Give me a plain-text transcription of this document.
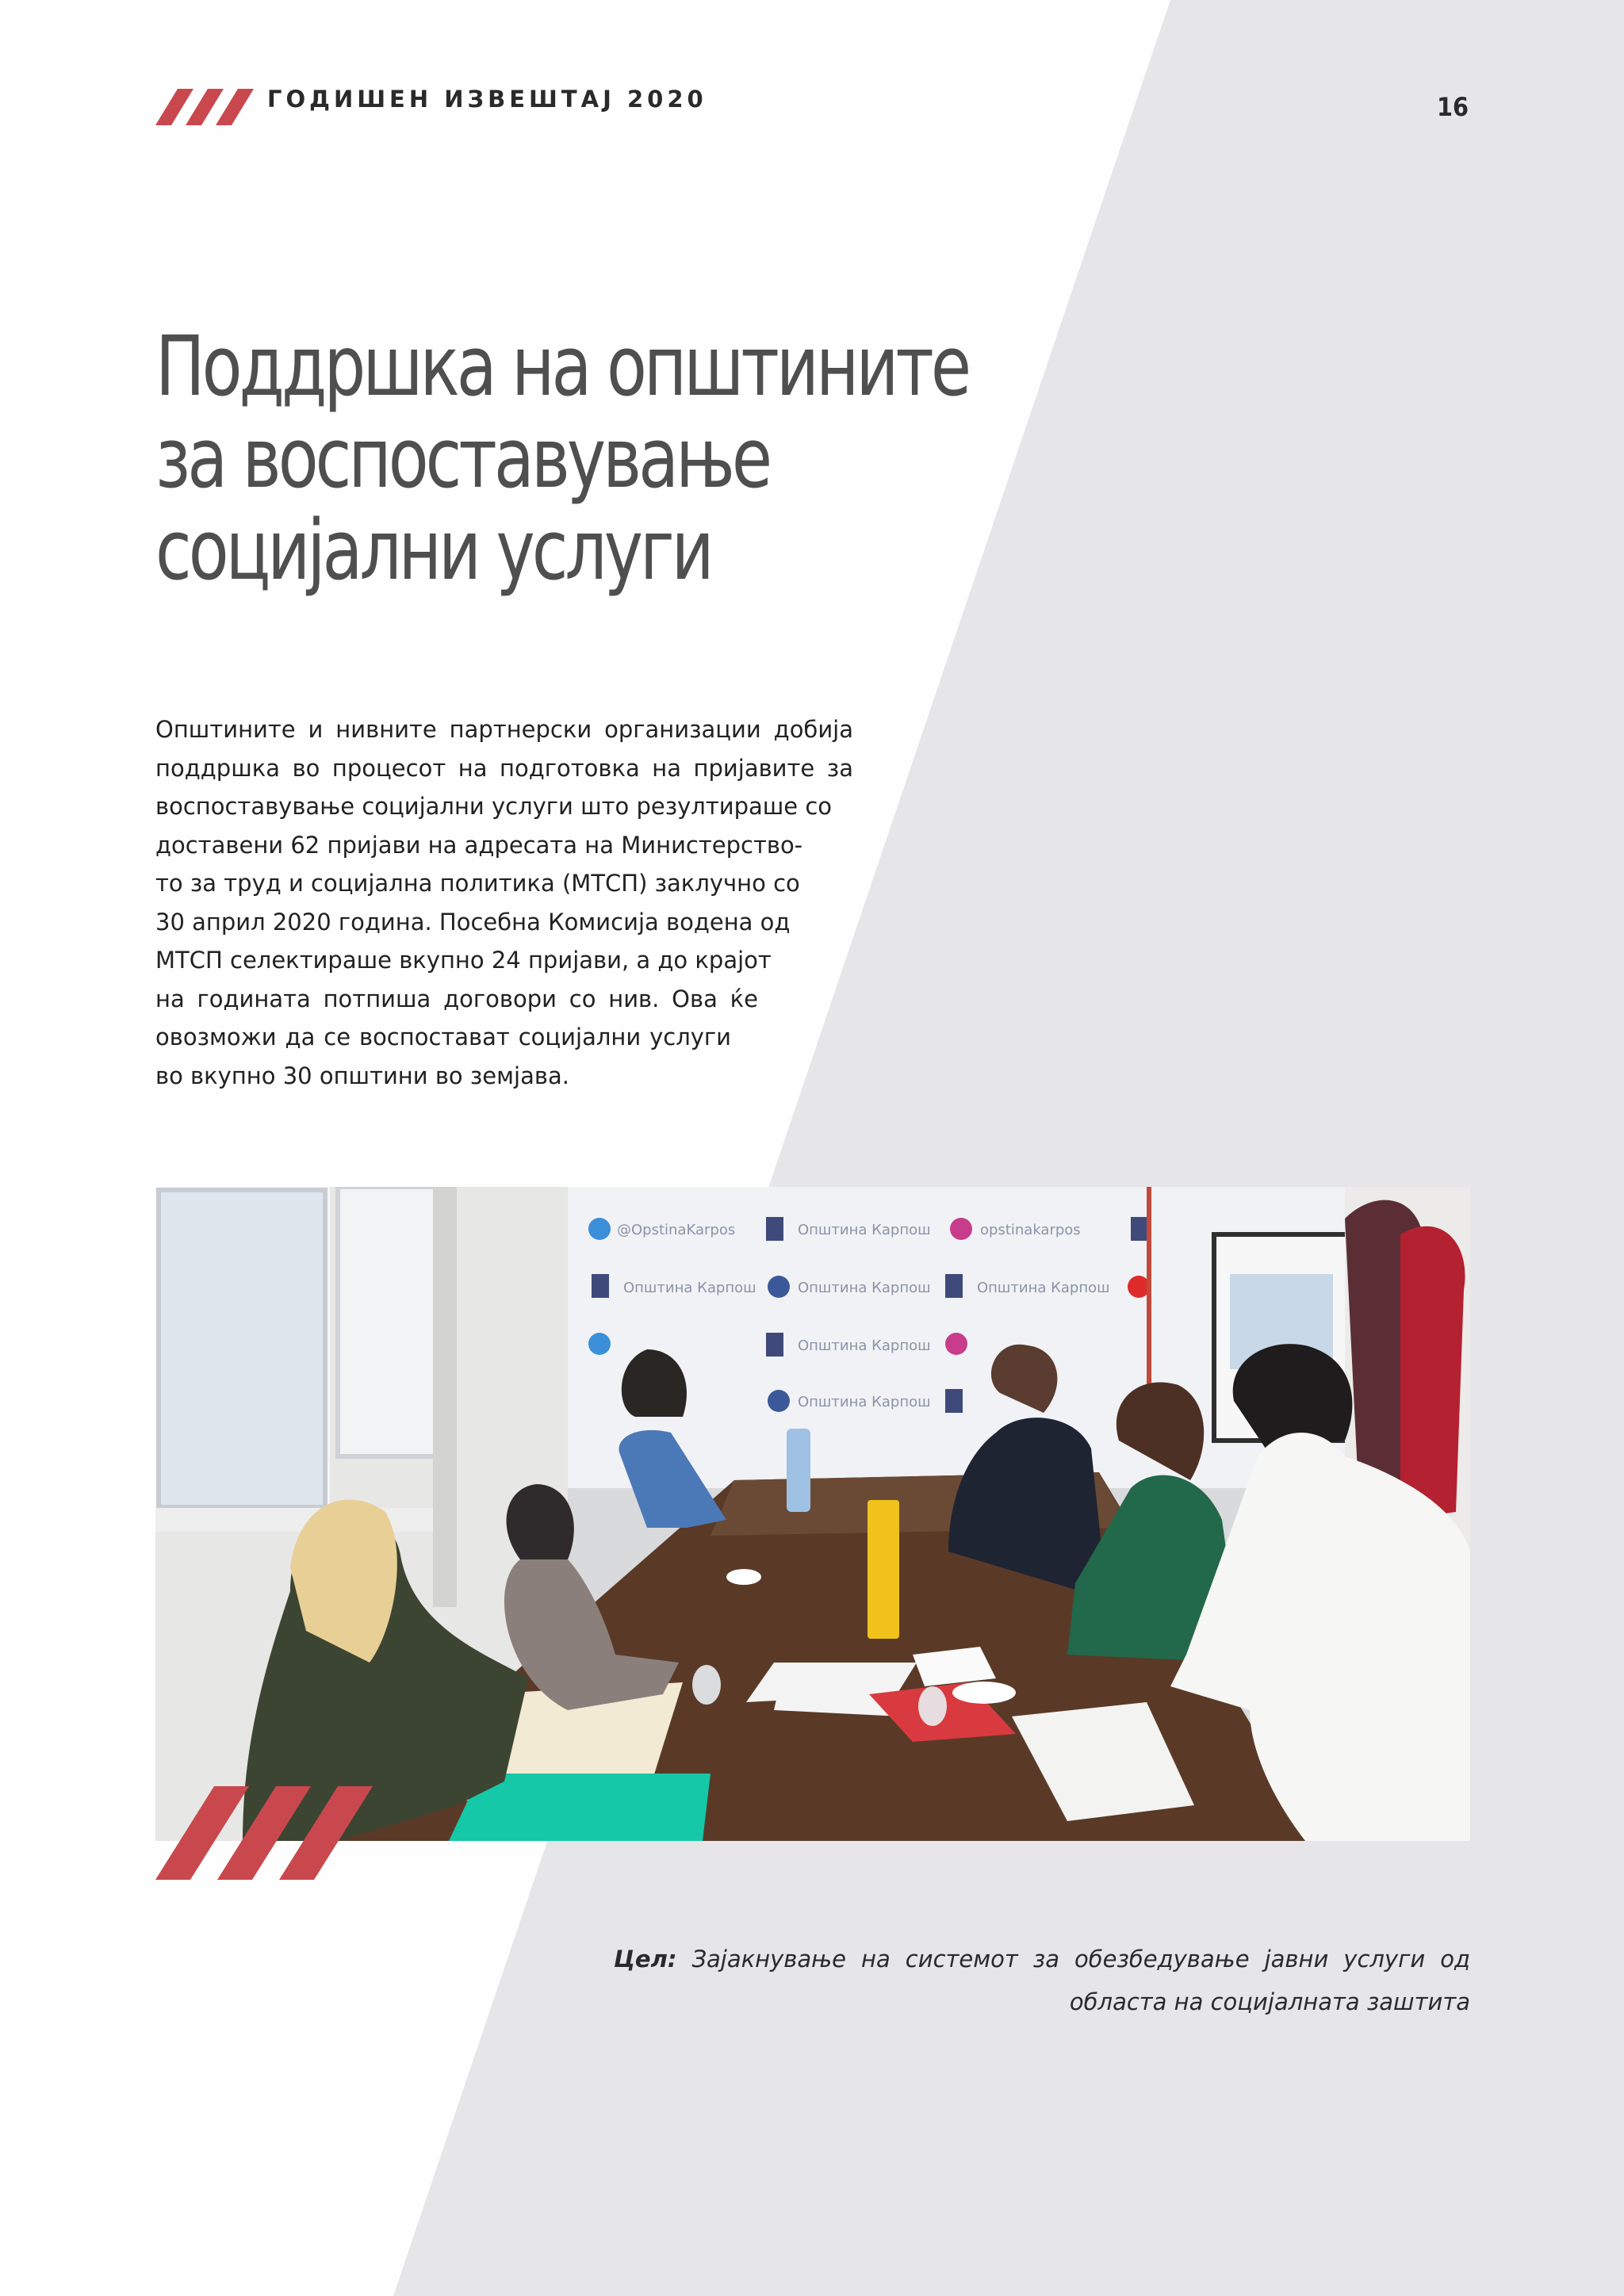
ГОДИШЕН ИЗВЕШТАЈ 2020	16
Поддршка на општините
за воспоставување
социјални услуги

Општините и нивните партнерски организации добија
поддршка во процесот на подготовка на пријавите за
воспоставување социјални услуги што резултираше со
доставени 62 пријави на адресата на Министерство-
то за труд и социјална политика (МТСП) заклучно со
30 април 2020 година. Посебна Комисија водена од
МТСП селектираше вкупно 24 пријави, а до крајот
на годината потпиша договори со нив. Ова ќе
овозможи да се воспостават социјални услуги
во вкупно 30 општини во земјава.

@OpstinaKarpos	Општина Карпош	opstinakarpos
Општина Карпош	Општина Карпош	Општина Карпош
Општина Карпош
Општина Карпош

Цел: Зајакнување на системот за обезбедување јавни услуги од
областа на социјалната заштита
